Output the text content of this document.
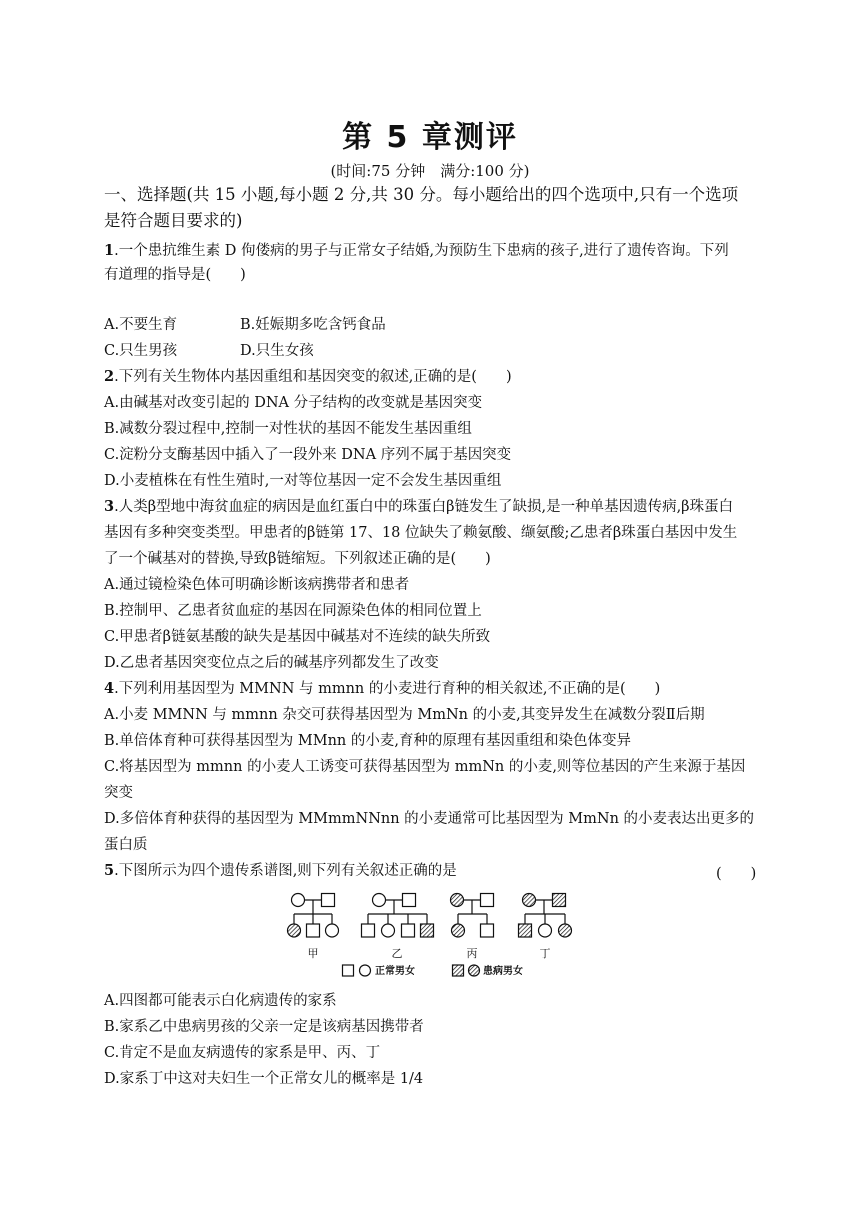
第 5 章测评
(时间:75 分钟　满分:100 分)
一、选择题(共 15 小题,每小题 2 分,共 30 分。每小题给出的四个选项中,只有一个选项
是符合题目要求的)
1.一个患抗维生素 D 佝偻病的男子与正常女子结婚,为预防生下患病的孩子,进行了遗传咨询。下列
有道理的指导是(　　)
A.不要生育	B.妊娠期多吃含钙食品
C.只生男孩	D.只生女孩
2.下列有关生物体内基因重组和基因突变的叙述,正确的是(　　)
A.由碱基对改变引起的 DNA 分子结构的改变就是基因突变
B.减数分裂过程中,控制一对性状的基因不能发生基因重组
C.淀粉分支酶基因中插入了一段外来 DNA 序列不属于基因突变
D.小麦植株在有性生殖时,一对等位基因一定不会发生基因重组
3.人类β型地中海贫血症的病因是血红蛋白中的珠蛋白β链发生了缺损,是一种单基因遗传病,β珠蛋白
基因有多种突变类型。甲患者的β链第 17、18 位缺失了赖氨酸、缬氨酸;乙患者β珠蛋白基因中发生
了一个碱基对的替换,导致β链缩短。下列叙述正确的是(　　)
A.通过镜检染色体可明确诊断该病携带者和患者
B.控制甲、乙患者贫血症的基因在同源染色体的相同位置上
C.甲患者β链氨基酸的缺失是基因中碱基对不连续的缺失所致
D.乙患者基因突变位点之后的碱基序列都发生了改变
4.下列利用基因型为 MMNN 与 mmnn 的小麦进行育种的相关叙述,不正确的是(　　)
A.小麦 MMNN 与 mmnn 杂交可获得基因型为 MmNn 的小麦,其变异发生在减数分裂Ⅱ后期
B.单倍体育种可获得基因型为 MMnn 的小麦,育种的原理有基因重组和染色体变异
C.将基因型为 mmnn 的小麦人工诱变可获得基因型为 mmNn 的小麦,则等位基因的产生来源于基因
突变
D.多倍体育种获得的基因型为 MMmmNNnn 的小麦通常可比基因型为 MmNn 的小麦表达出更多的
蛋白质
5.下图所示为四个遗传系谱图,则下列有关叙述正确的是	(　　)
甲	乙	丙	丁
正常男女	患病男女
A.四图都可能表示白化病遗传的家系
B.家系乙中患病男孩的父亲一定是该病基因携带者
C.肯定不是血友病遗传的家系是甲、丙、丁
D.家系丁中这对夫妇生一个正常女儿的概率是 1/4
